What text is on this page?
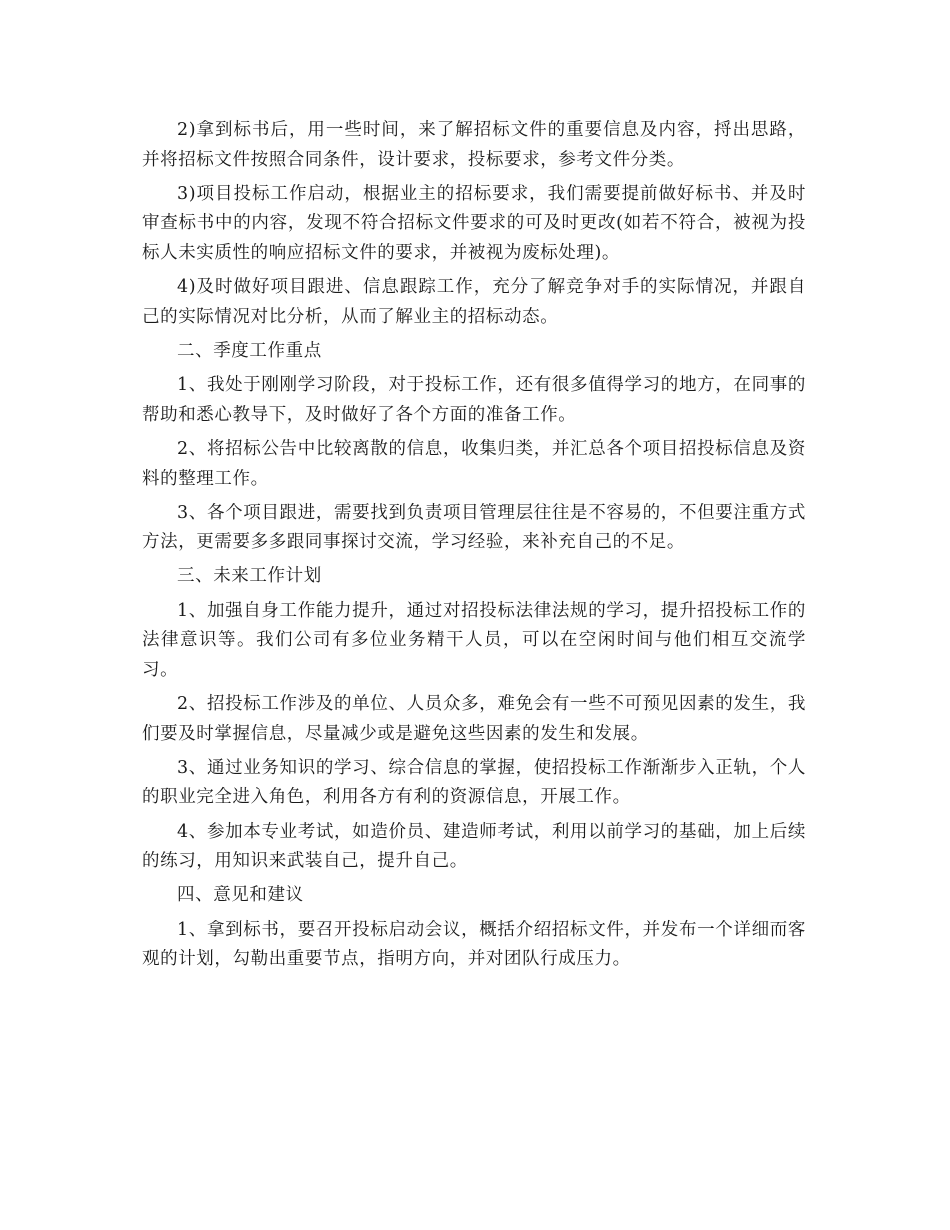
2)拿到标书后，用一些时间，来了解招标文件的重要信息及内容，捋出思路，并将招标文件按照合同条件，设计要求，投标要求，参考文件分类。

3)项目投标工作启动，根据业主的招标要求，我们需要提前做好标书、并及时审查标书中的内容，发现不符合招标文件要求的可及时更改(如若不符合，被视为投标人未实质性的响应招标文件的要求，并被视为废标处理)。

4)及时做好项目跟进、信息跟踪工作，充分了解竞争对手的实际情况，并跟自己的实际情况对比分析，从而了解业主的招标动态。

二、季度工作重点

1、我处于刚刚学习阶段，对于投标工作，还有很多值得学习的地方，在同事的帮助和悉心教导下，及时做好了各个方面的准备工作。

2、将招标公告中比较离散的信息，收集归类，并汇总各个项目招投标信息及资料的整理工作。

3、各个项目跟进，需要找到负责项目管理层往往是不容易的，不但要注重方式方法，更需要多多跟同事探讨交流，学习经验，来补充自己的不足。

三、未来工作计划

1、加强自身工作能力提升，通过对招投标法律法规的学习，提升招投标工作的法律意识等。我们公司有多位业务精干人员，可以在空闲时间与他们相互交流学习。

2、招投标工作涉及的单位、人员众多，难免会有一些不可预见因素的发生，我们要及时掌握信息，尽量减少或是避免这些因素的发生和发展。

3、通过业务知识的学习、综合信息的掌握，使招投标工作渐渐步入正轨，个人的职业完全进入角色，利用各方有利的资源信息，开展工作。

4、参加本专业考试，如造价员、建造师考试，利用以前学习的基础，加上后续的练习，用知识来武装自己，提升自己。

四、意见和建议

1、拿到标书，要召开投标启动会议，概括介绍招标文件，并发布一个详细而客观的计划，勾勒出重要节点，指明方向，并对团队行成压力。
